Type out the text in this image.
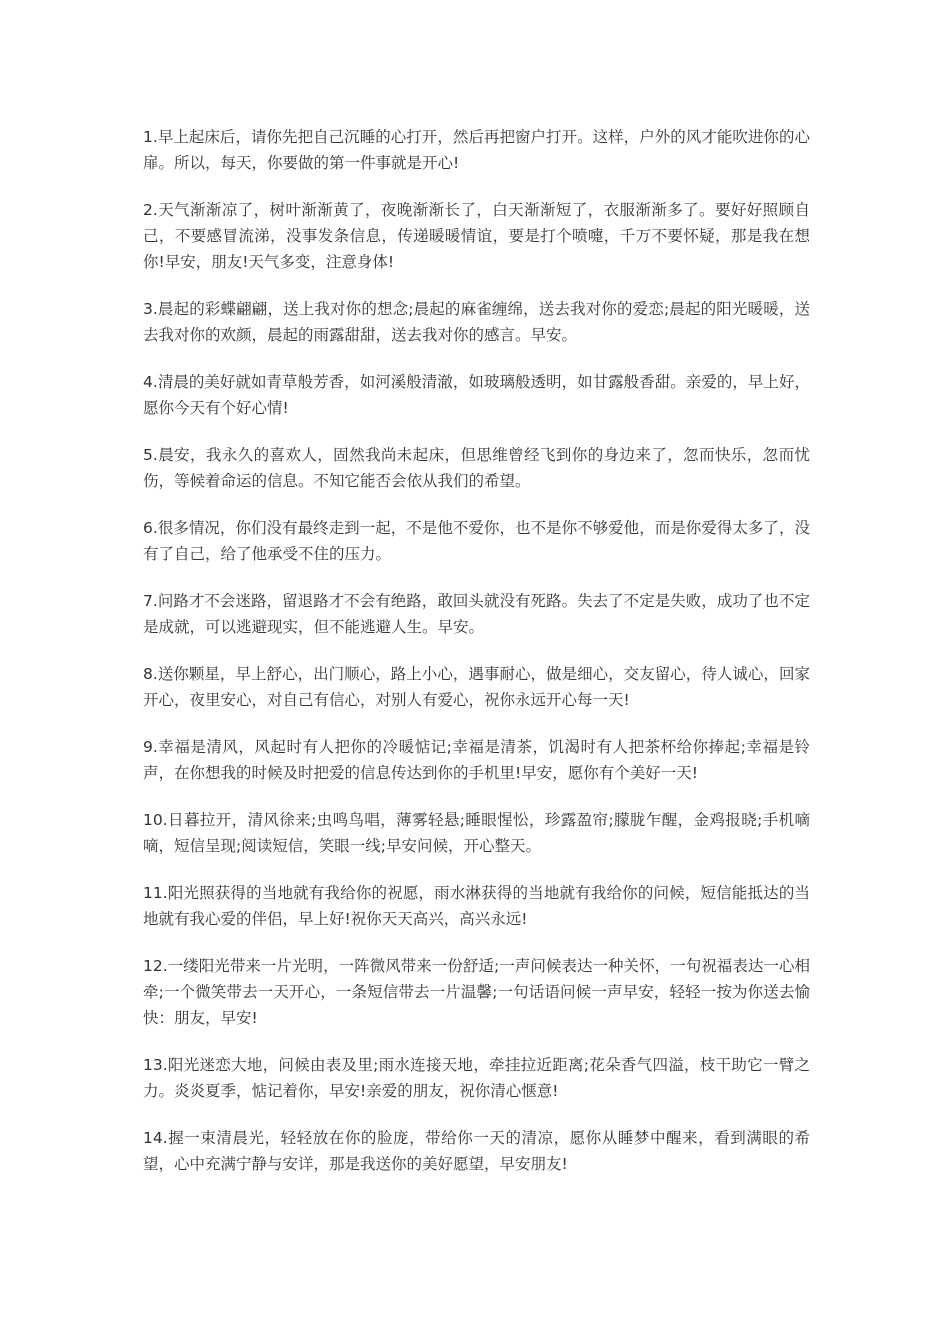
1.早上起床后，请你先把自己沉睡的心打开，然后再把窗户打开。这样，户外的风才能吹进你的心扉。所以，每天，你要做的第一件事就是开心!

2.天气渐渐凉了，树叶渐渐黄了，夜晚渐渐长了，白天渐渐短了，衣服渐渐多了。要好好照顾自己，不要感冒流涕，没事发条信息，传递暖暖情谊，要是打个喷嚏，千万不要怀疑，那是我在想你!早安，朋友!天气多变，注意身体!

3.晨起的彩蝶翩翩，送上我对你的想念;晨起的麻雀缠绵，送去我对你的爱恋;晨起的阳光暖暖，送去我对你的欢颜，晨起的雨露甜甜，送去我对你的感言。早安。

4.清晨的美好就如青草般芳香，如河溪般清澈，如玻璃般透明，如甘露般香甜。亲爱的，早上好，愿你今天有个好心情!

5.晨安，我永久的喜欢人，固然我尚未起床，但思维曾经飞到你的身边来了，忽而快乐，忽而忧伤，等候着命运的信息。不知它能否会依从我们的希望。

6.很多情况，你们没有最终走到一起，不是他不爱你，也不是你不够爱他，而是你爱得太多了，没有了自己，给了他承受不住的压力。

7.问路才不会迷路，留退路才不会有绝路，敢回头就没有死路。失去了不定是失败，成功了也不定是成就，可以逃避现实，但不能逃避人生。早安。

8.送你颗星，早上舒心，出门顺心，路上小心，遇事耐心，做是细心，交友留心，待人诚心，回家开心，夜里安心，对自己有信心，对别人有爱心，祝你永远开心每一天!

9.幸福是清风，风起时有人把你的冷暖惦记;幸福是清茶，饥渴时有人把茶杯给你捧起;幸福是铃声，在你想我的时候及时把爱的信息传达到你的手机里!早安，愿你有个美好一天!

10.日暮拉开，清风徐来;虫鸣鸟唱，薄雾轻悬;睡眼惺忪，珍露盈帘;朦胧乍醒，金鸡报晓;手机嘀嘀，短信呈现;阅读短信，笑眼一线;早安问候，开心整天。

11.阳光照获得的当地就有我给你的祝愿，雨水淋获得的当地就有我给你的问候，短信能抵达的当地就有我心爱的伴侣，早上好!祝你天天高兴，高兴永远!

12.一缕阳光带来一片光明，一阵微风带来一份舒适;一声问候表达一种关怀，一句祝福表达一心相牵;一个微笑带去一天开心，一条短信带去一片温馨;一句话语问候一声早安，轻轻一按为你送去愉快：朋友，早安!

13.阳光迷恋大地，问候由表及里;雨水连接天地，牵挂拉近距离;花朵香气四溢，枝干助它一臂之力。炎炎夏季，惦记着你，早安!亲爱的朋友，祝你清心惬意!

14.握一束清晨光，轻轻放在你的脸庞，带给你一天的清凉，愿你从睡梦中醒来，看到满眼的希望，心中充满宁静与安详，那是我送你的美好愿望，早安朋友!
